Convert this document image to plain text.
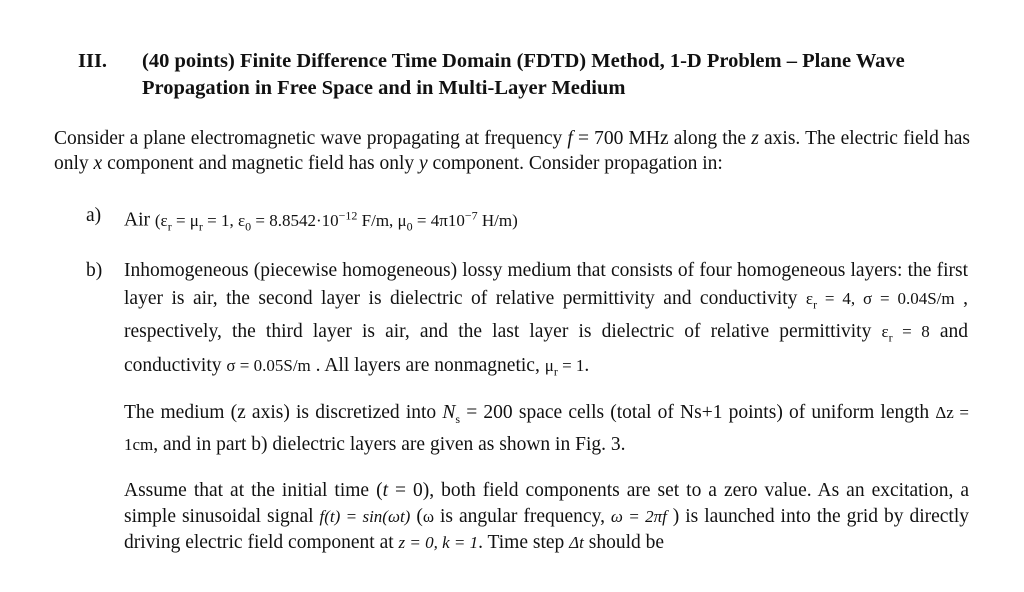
III. (40 points) Finite Difference Time Domain (FDTD) Method, 1-D Problem – Plane Wave Propagation in Free Space and in Multi-Layer Medium
Consider a plane electromagnetic wave propagating at frequency f = 700 MHz along the z axis. The electric field has only x component and magnetic field has only y component. Consider propagation in:
a) Air ($\varepsilon_r = \mu_r = 1$, $\varepsilon_0 = 8.8542\cdot 10^{-12}$ F/m, $\mu_0 = 4\pi 10^{-7}$ H/m)
b) Inhomogeneous (piecewise homogeneous) lossy medium that consists of four homogeneous layers: the first layer is air, the second layer is dielectric of relative permittivity and conductivity $\varepsilon_r = 4$, σ = 0.04S/m , respectively, the third layer is air, and the last layer is dielectric of relative permittivity $\varepsilon_r = 8$ and conductivity σ = 0.05S/m . All layers are nonmagnetic, $\mu_r = 1$.
The medium (z axis) is discretized into $N_s = 200$ space cells (total of Ns+1 points) of uniform length Δz = 1cm, and in part b) dielectric layers are given as shown in Fig. 3.
Assume that at the initial time (t = 0), both field components are set to a zero value. As an excitation, a simple sinusoidal signal f(t) = sin(ωt) (ω is angular frequency, ω = 2πf ) is launched into the grid by directly driving electric field component at z = 0, k = 1. Time step Δt should be
